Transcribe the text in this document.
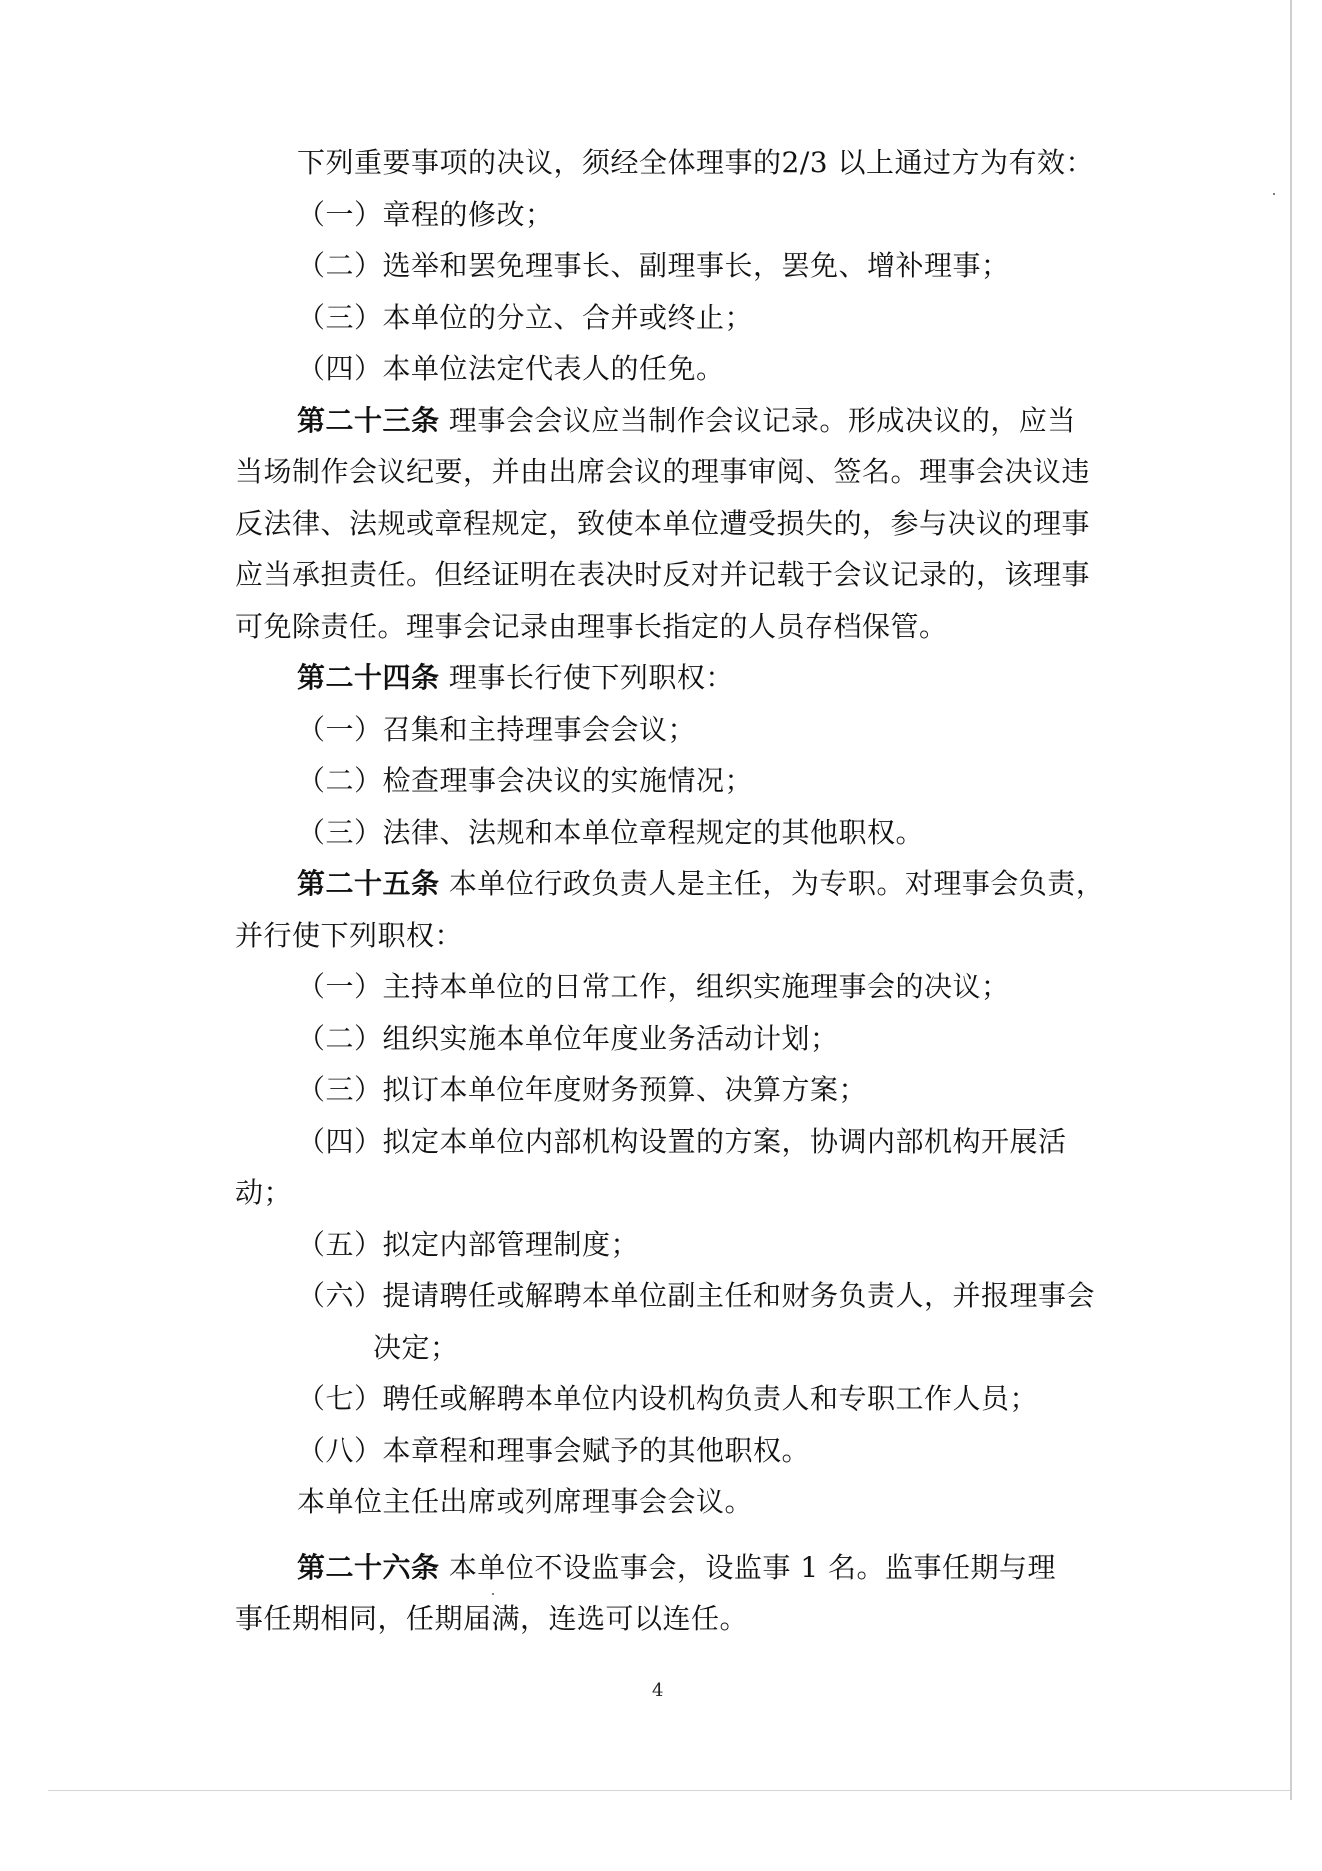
下列重要事项的决议，须经全体理事的2/3 以上通过方为有效：

（一）章程的修改；

（二）选举和罢免理事长、副理事长，罢免、增补理事；

（三）本单位的分立、合并或终止；

（四）本单位法定代表人的任免。

第二十三条 理事会会议应当制作会议记录。形成决议的，应当

当场制作会议纪要，并由出席会议的理事审阅、签名。理事会决议违

反法律、法规或章程规定，致使本单位遭受损失的，参与决议的理事

应当承担责任。但经证明在表决时反对并记载于会议记录的，该理事

可免除责任。理事会记录由理事长指定的人员存档保管。

第二十四条 理事长行使下列职权：

（一）召集和主持理事会会议；

（二）检查理事会决议的实施情况；

（三）法律、法规和本单位章程规定的其他职权。

第二十五条 本单位行政负责人是主任，为专职。对理事会负责，

并行使下列职权：

（一）主持本单位的日常工作，组织实施理事会的决议；

（二）组织实施本单位年度业务活动计划；

（三）拟订本单位年度财务预算、决算方案；

（四）拟定本单位内部机构设置的方案，协调内部机构开展活

动；

（五）拟定内部管理制度；

（六）提请聘任或解聘本单位副主任和财务负责人，并报理事会

决定；

（七）聘任或解聘本单位内设机构负责人和专职工作人员；

（八）本章程和理事会赋予的其他职权。

本单位主任出席或列席理事会会议。

第二十六条 本单位不设监事会，设监事 1 名。监事任期与理

事任期相同，任期届满，连选可以连任。

4
